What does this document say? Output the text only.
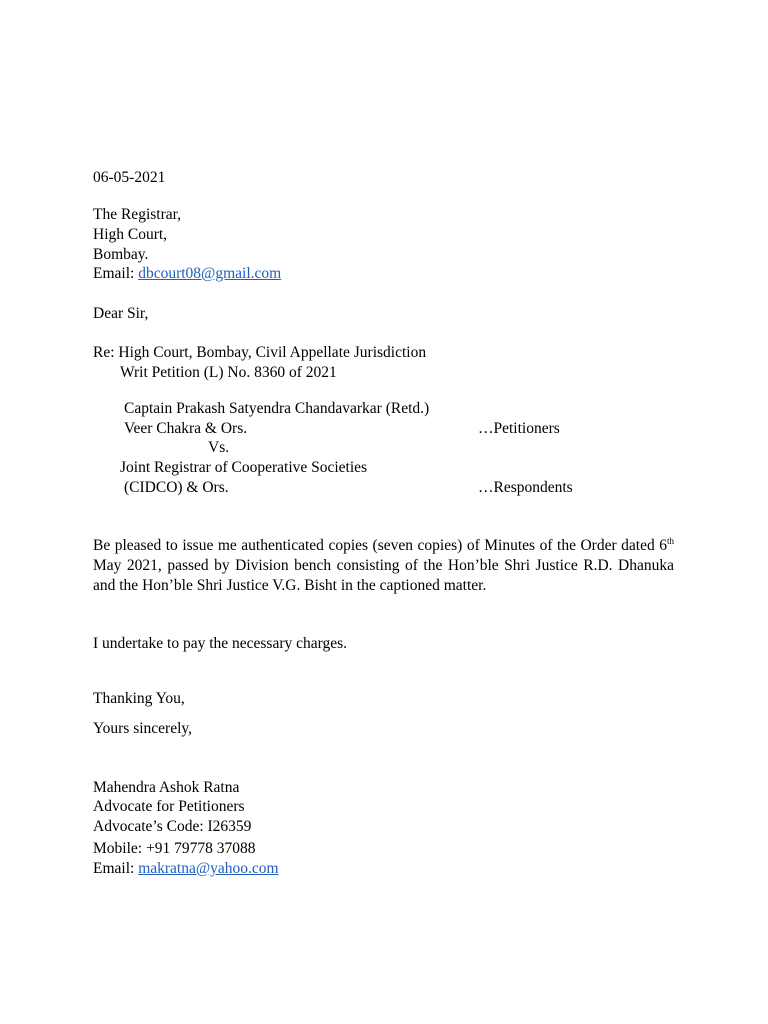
06-05-2021
The Registrar,
High Court,
Bombay.
Email: dbcourt08@gmail.com
Dear Sir,
Re: High Court, Bombay, Civil Appellate Jurisdiction
Writ Petition (L) No. 8360 of 2021
Captain Prakash Satyendra Chandavarkar (Retd.)
Veer Chakra & Ors.	…Petitioners
Vs.
Joint Registrar of Cooperative Societies
(CIDCO) & Ors.	…Respondents
Be pleased to issue me authenticated copies (seven copies) of Minutes of the Order dated 6th May 2021, passed by Division bench consisting of the Hon’ble Shri Justice R.D. Dhanuka and the Hon’ble Shri Justice V.G. Bisht in the captioned matter.
I undertake to pay the necessary charges.
Thanking You,
Yours sincerely,
Mahendra Ashok Ratna
Advocate for Petitioners
Advocate’s Code: I26359
Mobile: +91 79778 37088
Email: makratna@yahoo.com
